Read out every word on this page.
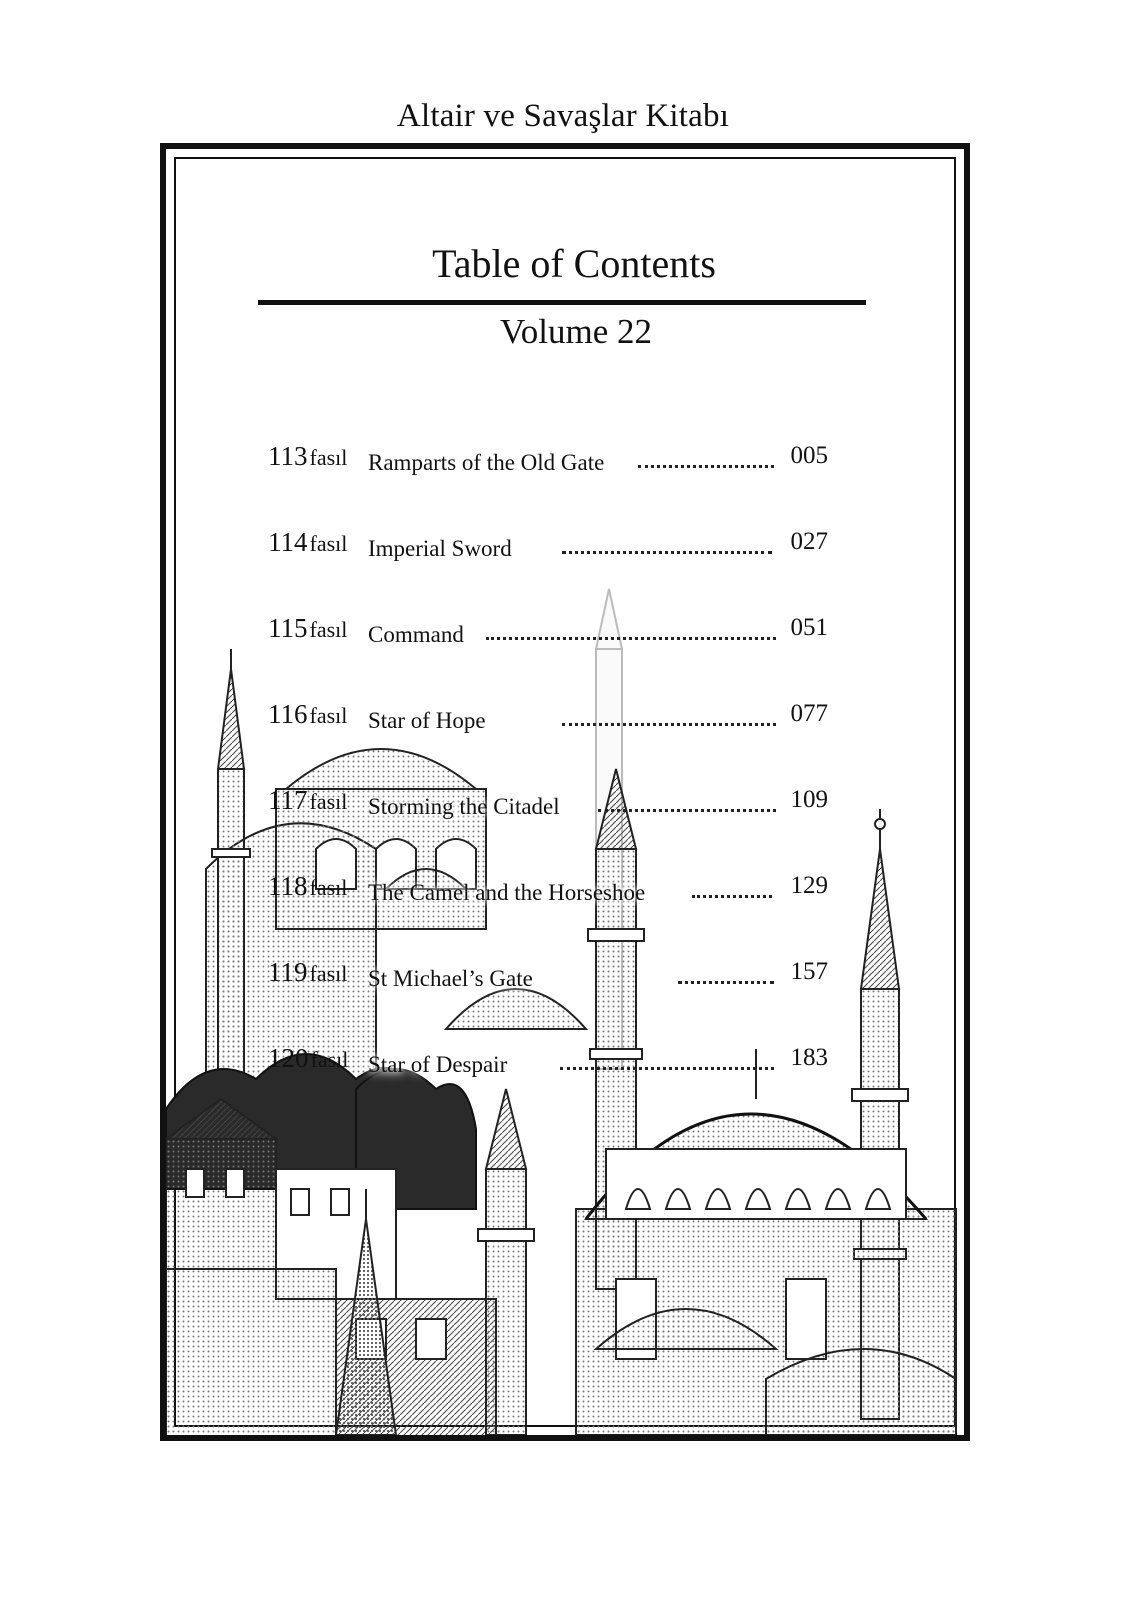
Altair ve Savaşlar Kitabı
Table of Contents
Volume 22
113fasıl Ramparts of the Old Gate	005
114fasıl Imperial Sword	027
115fasıl Command	051
116fasıl Star of Hope	077
117fasıl Storming the Citadel	109
118fasıl The Camel and the Horseshoe	129
119fasıl St Michael’s Gate	157
120fasıl Star of Despair	183
